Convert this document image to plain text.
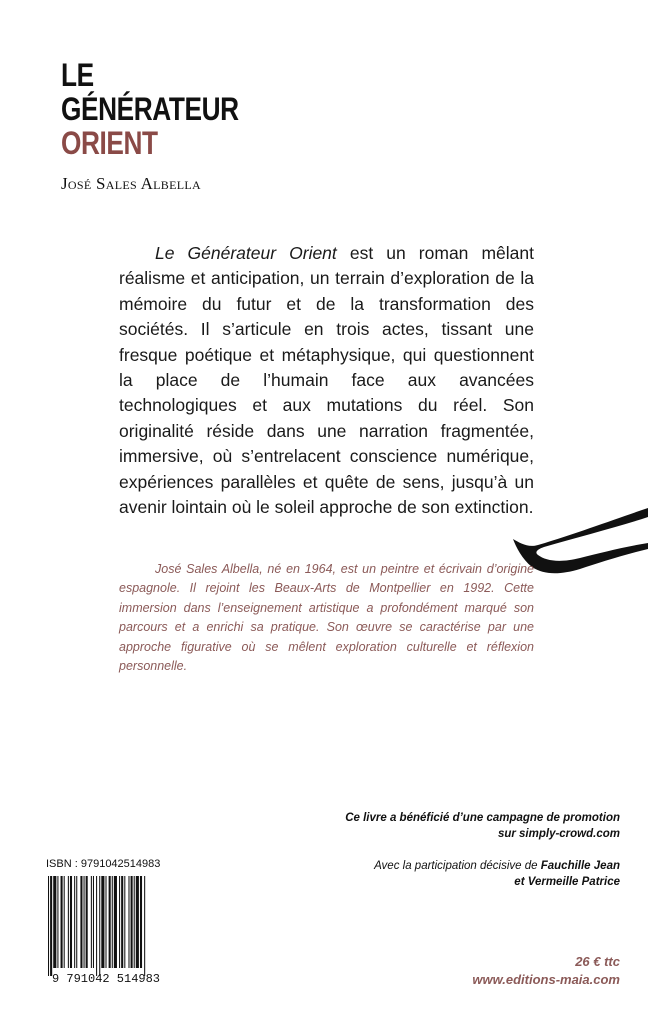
LE
GÉNÉRATEUR
ORIENT
José Sales Albella
Le Générateur Orient est un roman mêlant réalisme et anticipation, un terrain d’exploration de la mémoire du futur et de la transformation des sociétés. Il s’articule en trois actes, tissant une fresque poétique et métaphysique, qui questionnent la place de l’humain face aux avancées technologiques et aux mutations du réel. Son originalité réside dans une narration fragmentée, immersive, où s’entrelacent conscience numérique, expériences parallèles et quête de sens, jusqu’à un avenir lointain où le soleil approche de son extinction.
José Sales Albella, né en 1964, est un peintre et écrivain d’origine espagnole. Il rejoint les Beaux-Arts de Montpellier en 1992. Cette immersion dans l’enseignement artistique a profondément marqué son parcours et a enrichi sa pratique. Son œuvre se caractérise par une approche figurative où se mêlent exploration culturelle et réflexion personnelle.
Ce livre a bénéficié d’une campagne de promotion
sur simply-crowd.com
Avec la participation décisive de Fauchille Jean
et Vermeille Patrice
ISBN : 9791042514983
9 791042 514983
26 € ttc
www.editions-maia.com
